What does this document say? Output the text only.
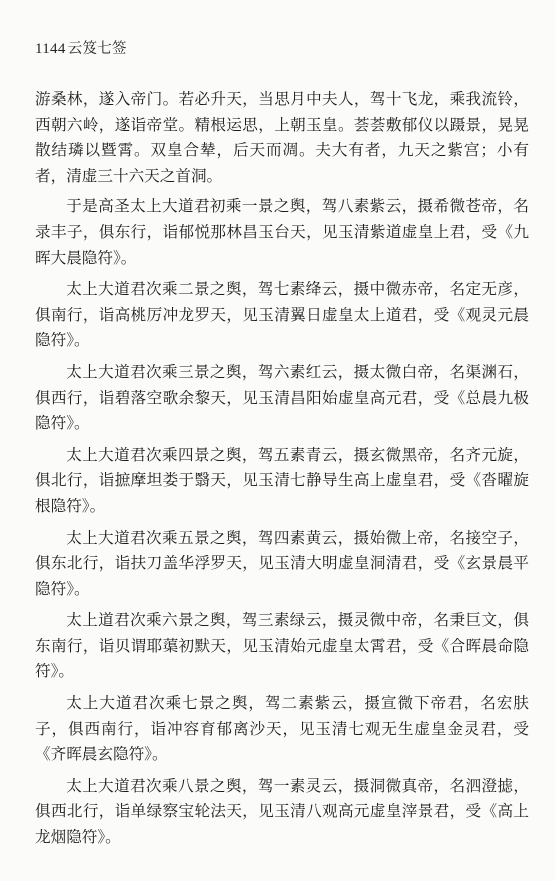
1144 云笈七签

游桑林，遂入帝门。若必升天，当思月中夫人，驾十飞龙，乘我流铃，西朝六岭，遂诣帝堂。精根运思，上朝玉皇。荟荟敷郁仪以蹑景，晃晃散结璘以暨霄。双皇合辇，后天而凋。夫大有者，九天之紫宫；小有者，清虚三十六天之首洞。

于是高圣太上大道君初乘一景之舆，驾八素紫云，摄希微苍帝，名录丰子，俱东行，诣郁悦那林昌玉台天，见玉清紫道虚皇上君，受《九晖大晨隐符》。

太上大道君次乘二景之舆，驾七素绛云，摄中微赤帝，名定无彦，俱南行，诣高桃厉冲龙罗天，见玉清翼日虚皇太上道君，受《观灵元晨隐符》。

太上大道君次乘三景之舆，驾六素红云，摄太微白帝，名渠渊石，俱西行，诣碧落空歌余黎天，见玉清昌阳始虚皇高元君，受《总晨九极隐符》。

太上大道君次乘四景之舆，驾五素青云，摄玄微黑帝，名齐元旋，俱北行，诣摭摩坦娄于翳天，见玉清七静导生高上虚皇君，受《沓曜旋根隐符》。

太上大道君次乘五景之舆，驾四素黄云，摄始微上帝，名接空子，俱东北行，诣扶刀盖华浮罗天，见玉清大明虚皇洞清君，受《玄景晨平隐符》。

太上道君次乘六景之舆，驾三素绿云，摄灵微中帝，名秉巨文，俱东南行，诣贝谓耶蕖初默天，见玉清始元虚皇太霄君，受《合晖晨命隐符》。

太上大道君次乘七景之舆，驾二素紫云，摄宣微下帝君，名宏肤子，俱西南行，诣冲容育郁离沙天，见玉清七观无生虚皇金灵君，受《齐晖晨玄隐符》。

太上大道君次乘八景之舆，驾一素灵云，摄洞微真帝，名泗澄摅，俱西北行，诣单绿察宝轮法天，见玉清八观高元虚皇滓景君，受《高上龙烟隐符》。
